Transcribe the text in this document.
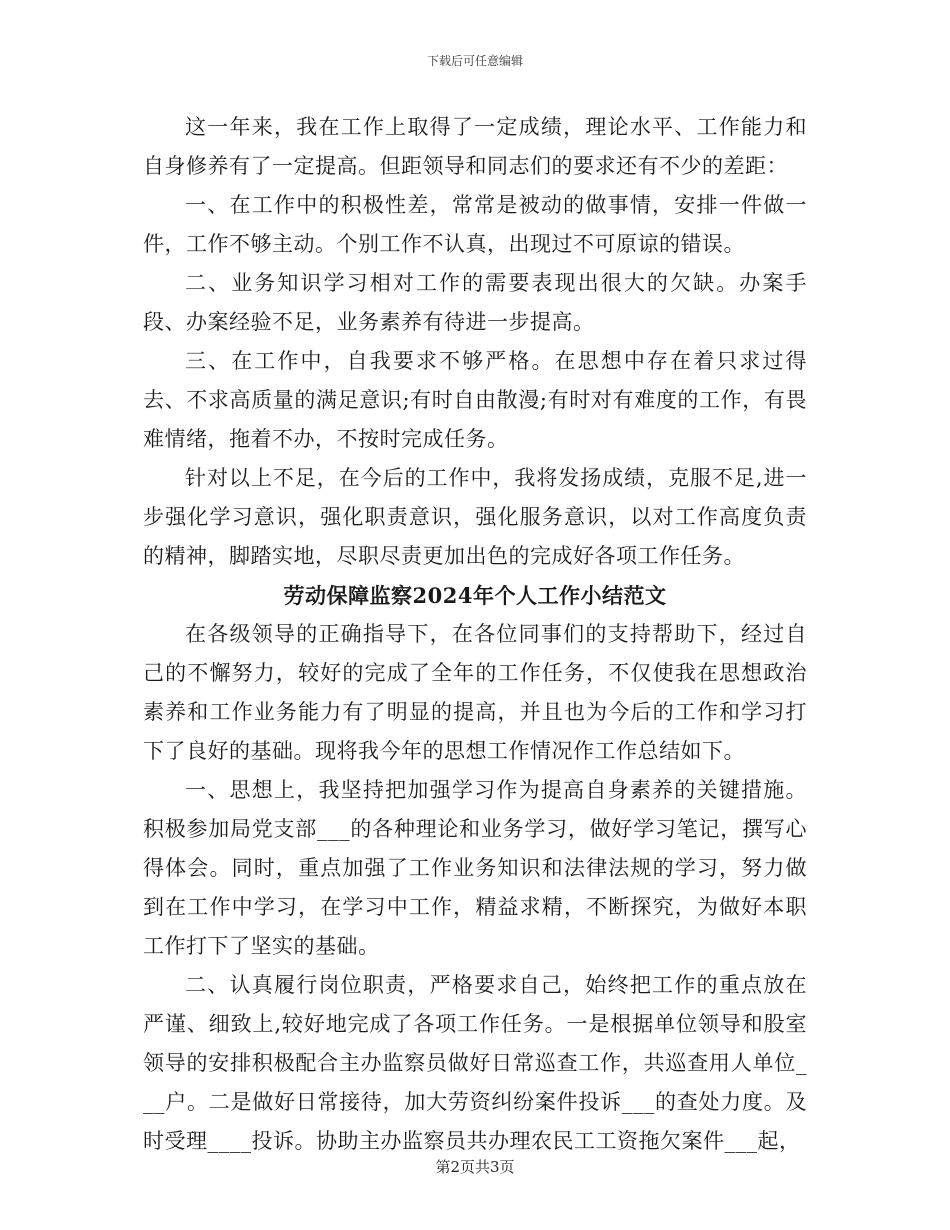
下载后可任意编辑

这一年来，我在工作上取得了一定成绩，理论水平、工作能力和自身修养有了一定提高。但距领导和同志们的要求还有不少的差距：

一、在工作中的积极性差，常常是被动的做事情，安排一件做一件，工作不够主动。个别工作不认真，出现过不可原谅的错误。

二、业务知识学习相对工作的需要表现出很大的欠缺。办案手段、办案经验不足，业务素养有待进一步提高。

三、在工作中，自我要求不够严格。在思想中存在着只求过得去、不求高质量的满足意识;有时自由散漫;有时对有难度的工作，有畏难情绪，拖着不办，不按时完成任务。

针对以上不足，在今后的工作中，我将发扬成绩，克服不足,进一步强化学习意识，强化职责意识，强化服务意识，以对工作高度负责的精神，脚踏实地，尽职尽责更加出色的完成好各项工作任务。

劳动保障监察2024年个人工作小结范文

在各级领导的正确指导下，在各位同事们的支持帮助下，经过自己的不懈努力，较好的完成了全年的工作任务，不仅使我在思想政治素养和工作业务能力有了明显的提高，并且也为今后的工作和学习打下了良好的基础。现将我今年的思想工作情况作工作总结如下。

一、思想上，我坚持把加强学习作为提高自身素养的关键措施。积极参加局党支部___的各种理论和业务学习，做好学习笔记，撰写心得体会。同时，重点加强了工作业务知识和法律法规的学习，努力做到在工作中学习，在学习中工作，精益求精，不断探究，为做好本职工作打下了坚实的基础。

二、认真履行岗位职责，严格要求自己，始终把工作的重点放在严谨、细致上,较好地完成了各项工作任务。一是根据单位领导和股室领导的安排积极配合主办监察员做好日常巡查工作，共巡查用人单位___户。二是做好日常接待，加大劳资纠纷案件投诉___的查处力度。及时受理____投诉。协助主办监察员共办理农民工工资拖欠案件___起，

第2页共3页
